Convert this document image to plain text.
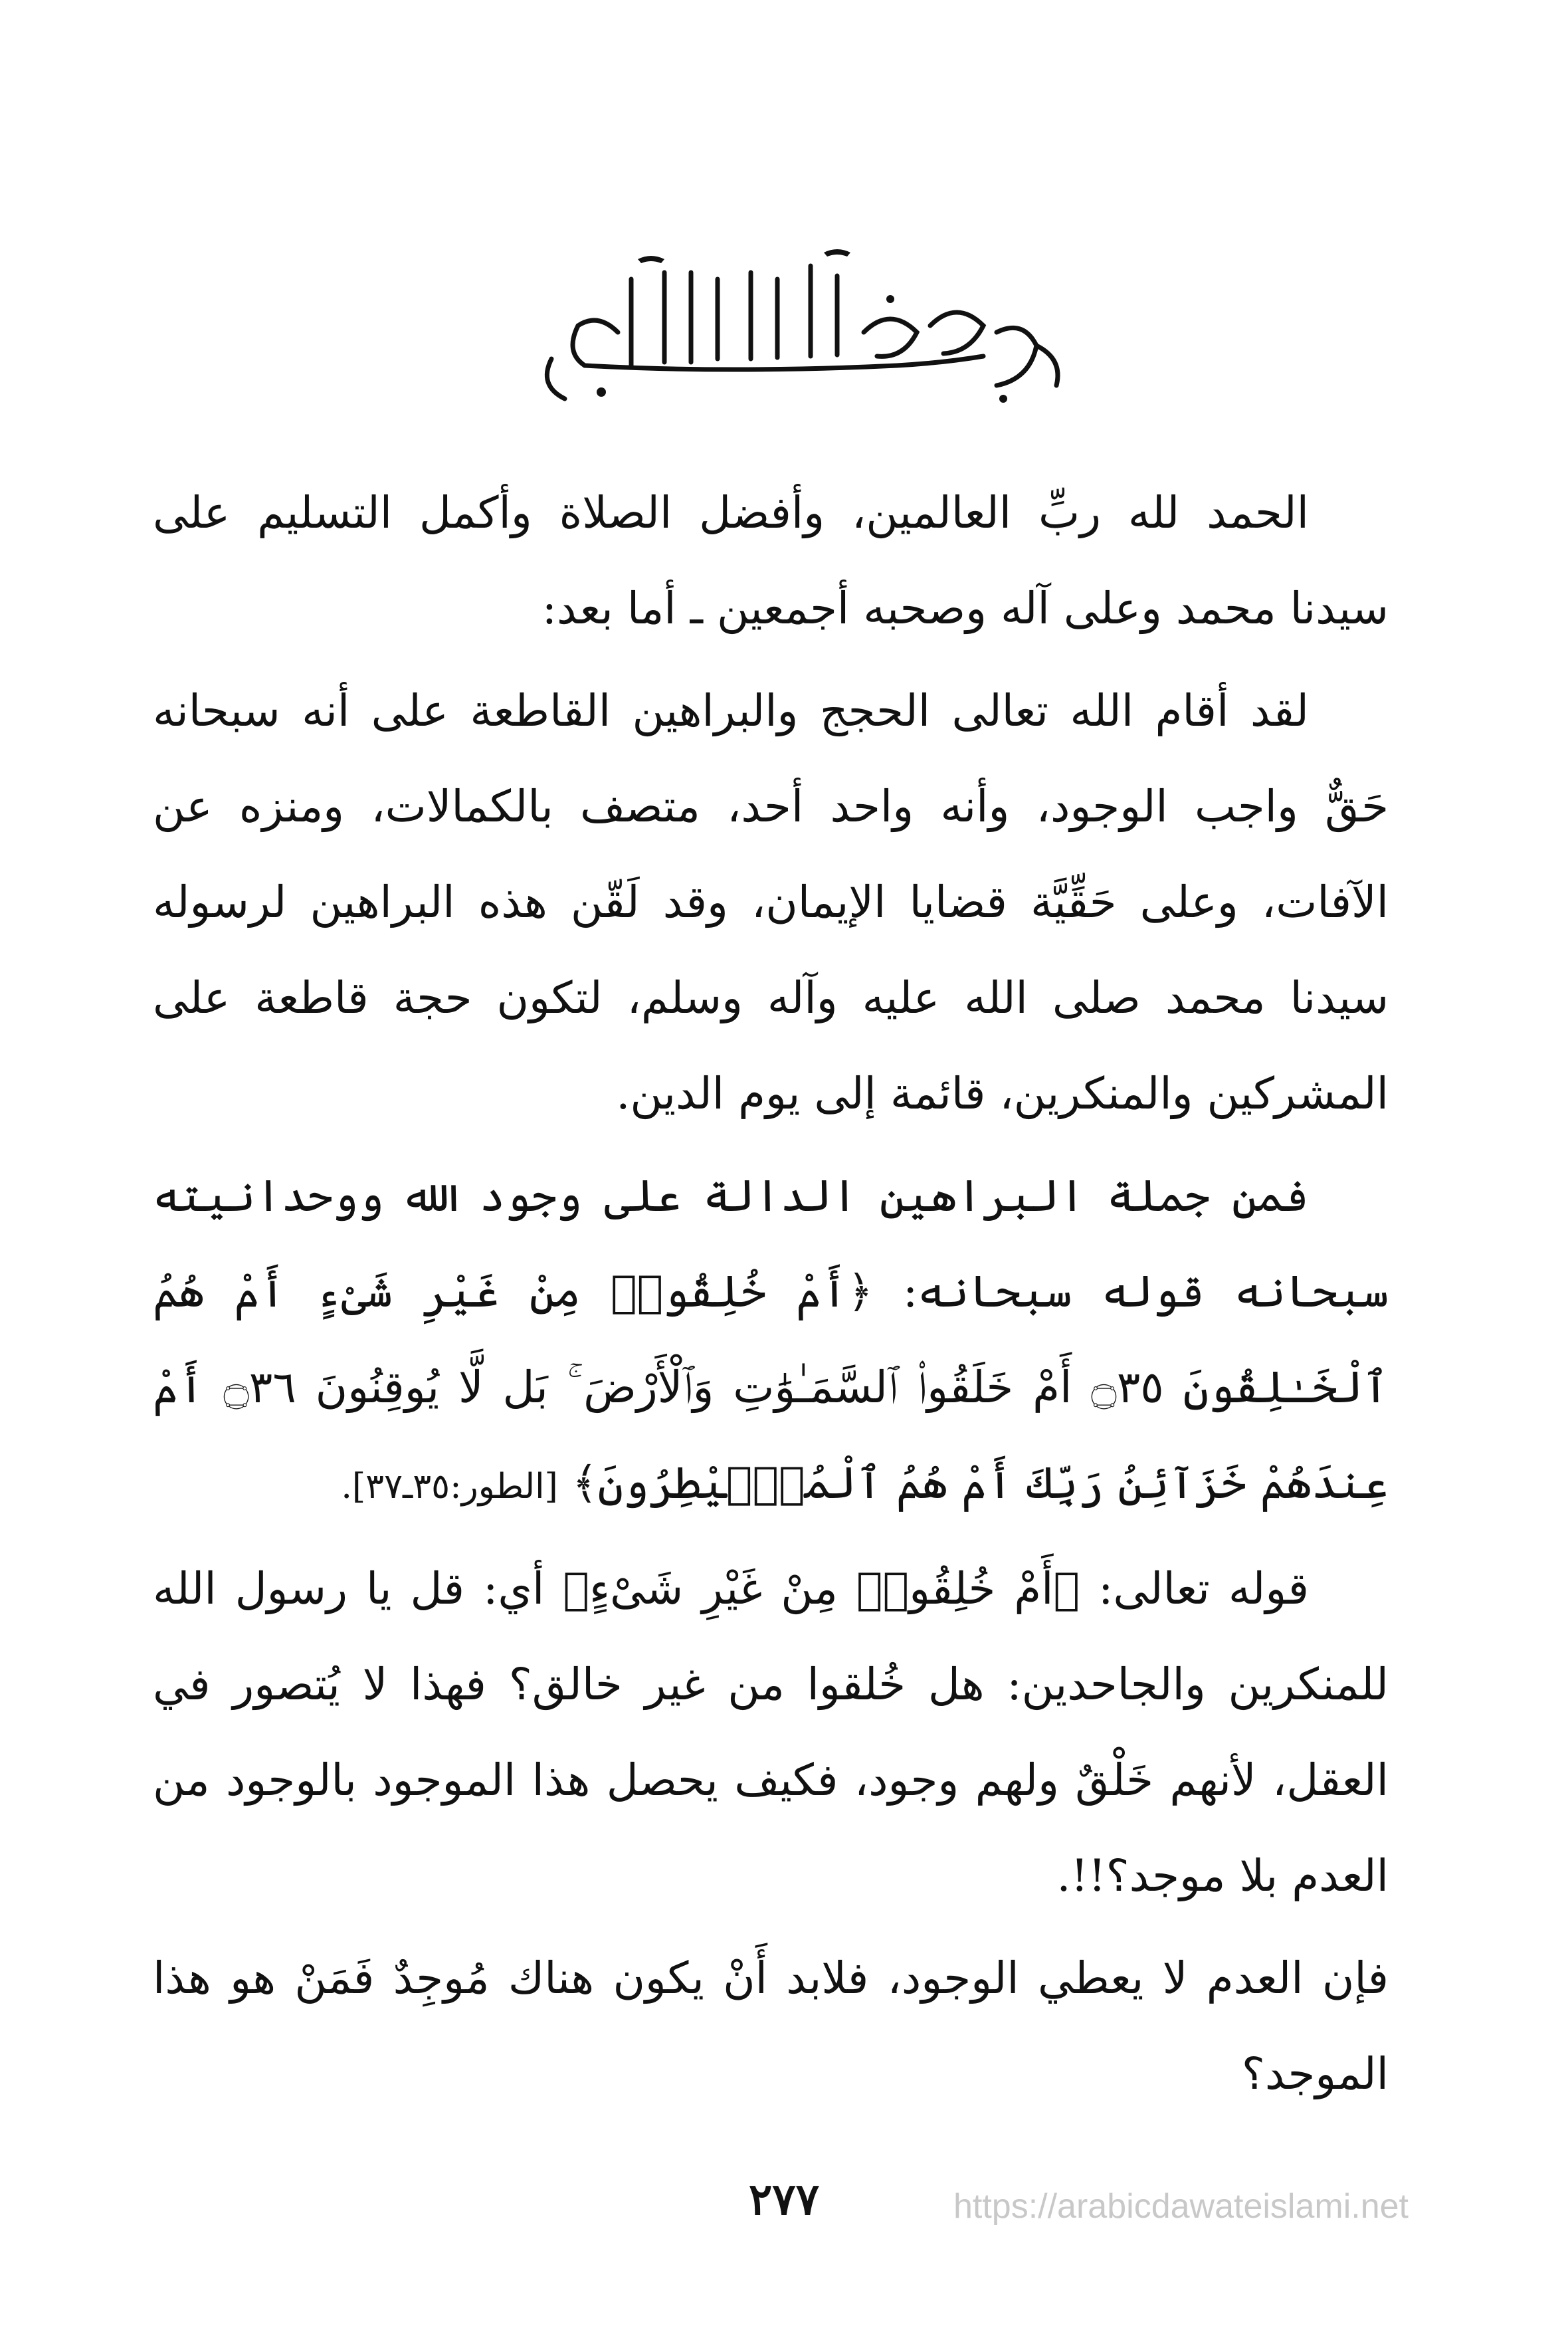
الحمد لله ربِّ العالمين، وأفضل الصلاة وأكمل التسليم على سيدنا محمد وعلى آله وصحبه أجمعين ـ أما بعد:

لقد أقام الله تعالى الحجج والبراهين القاطعة على أنه سبحانه حَقٌّ واجب الوجود، وأنه واحد أحد، متصف بالكمالات، ومنزه عن الآفات، وعلى حَقِّيَّة قضايا الإيمان، وقد لَقّن هذه البراهين لرسوله سيدنا محمد صلى الله عليه وآله وسلم، لتكون حجة قاطعة على المشركين والمنكرين، قائمة إلى يوم الدين.

فمن جملة البراهين الدالة على وجود الله ووحدانيته سبحانه قوله سبحانه: ﴿أَمْ خُلِقُوا۟ مِنْ غَيْرِ شَىْءٍ أَمْ هُمُ ٱلْخَـٰلِقُونَ ۝٣٥ أَمْ خَلَقُوا۟ ٱلسَّمَـٰوَٰتِ وَٱلْأَرْضَ ۚ بَل لَّا يُوقِنُونَ ۝٣٦ أَمْ عِندَهُمْ خَزَآئِنُ رَبِّكَ أَمْ هُمُ ٱلْمُصَۣيْطِرُونَ﴾ [الطور:٣٥ـ٣٧].

قوله تعالى: ﴿أَمْ خُلِقُوا۟ مِنْ غَيْرِ شَىْءٍ﴾ أي: قل يا رسول الله للمنكرين والجاحدين: هل خُلقوا من غير خالق؟ فهذا لا يُتصور في العقل، لأنهم خَلْقٌ ولهم وجود، فكيف يحصل هذا الموجود بالوجود من العدم بلا موجد؟!!.

فإن العدم لا يعطي الوجود، فلابد أَنْ يكون هناك مُوجِدٌ فَمَنْ هو هذا الموجد؟

٢٧٧	https://arabicdawateislami.net
